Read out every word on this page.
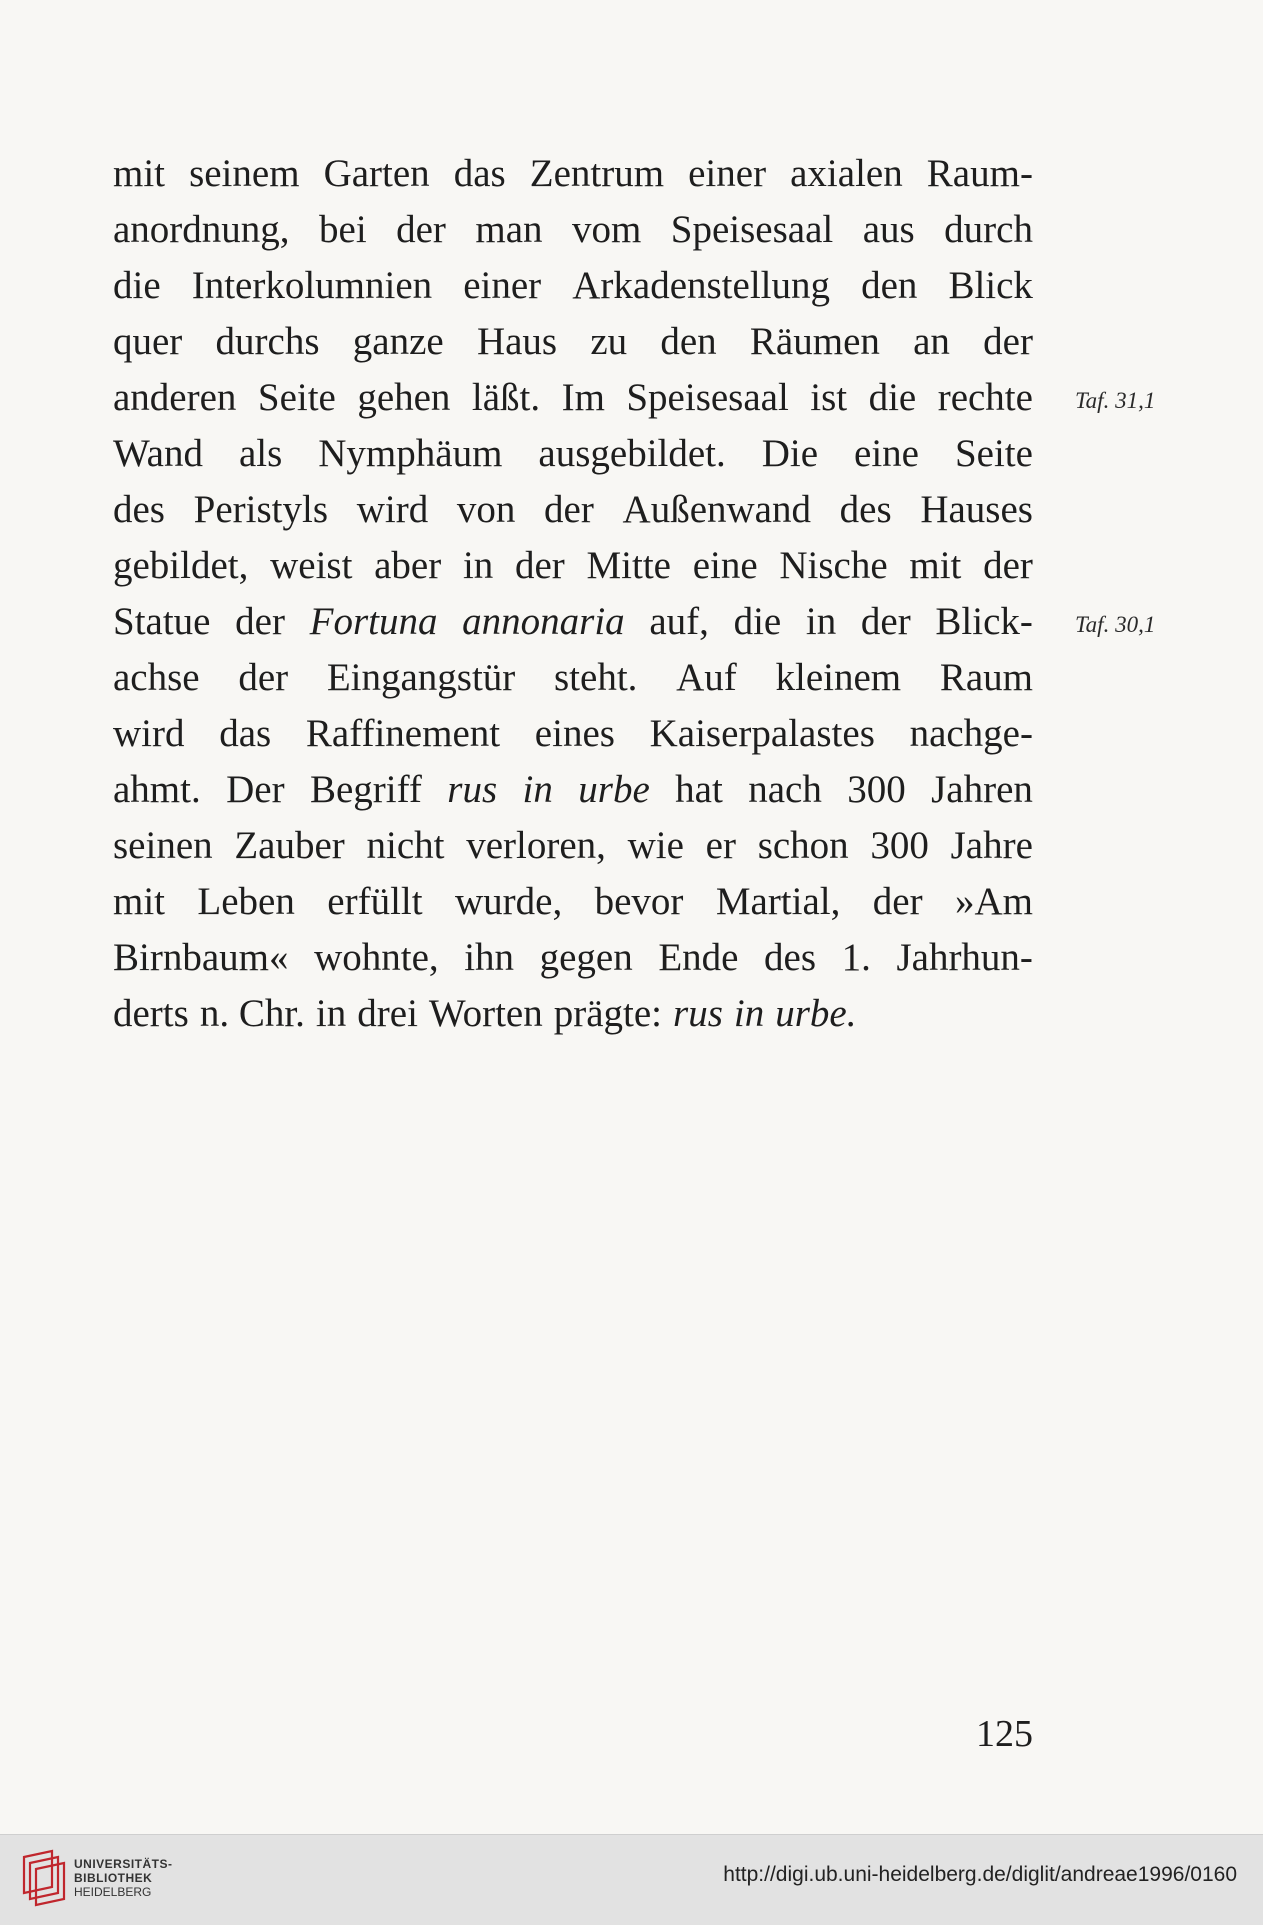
mit seinem Garten das Zentrum einer axialen Raum-
anordnung, bei der man vom Speisesaal aus durch
die Interkolumnien einer Arkadenstellung den Blick
quer durchs ganze Haus zu den Räumen an der
anderen Seite gehen läßt. Im Speisesaal ist die rechte
Wand als Nymphäum ausgebildet. Die eine Seite
des Peristyls wird von der Außenwand des Hauses
gebildet, weist aber in der Mitte eine Nische mit der
Statue der Fortuna annonaria auf, die in der Blick-
achse der Eingangstür steht. Auf kleinem Raum
wird das Raffinement eines Kaiserpalastes nachge-
ahmt. Der Begriff rus in urbe hat nach 300 Jahren
seinen Zauber nicht verloren, wie er schon 300 Jahre
mit Leben erfüllt wurde, bevor Martial, der »Am
Birnbaum« wohnte, ihn gegen Ende des 1. Jahrhun-
derts n. Chr. in drei Worten prägte: rus in urbe.
Taf. 31,1
Taf. 30,1
125
UNIVERSITÄTS-
BIBLIOTHEK
HEIDELBERG
http://digi.ub.uni-heidelberg.de/diglit/andreae1996/0160
